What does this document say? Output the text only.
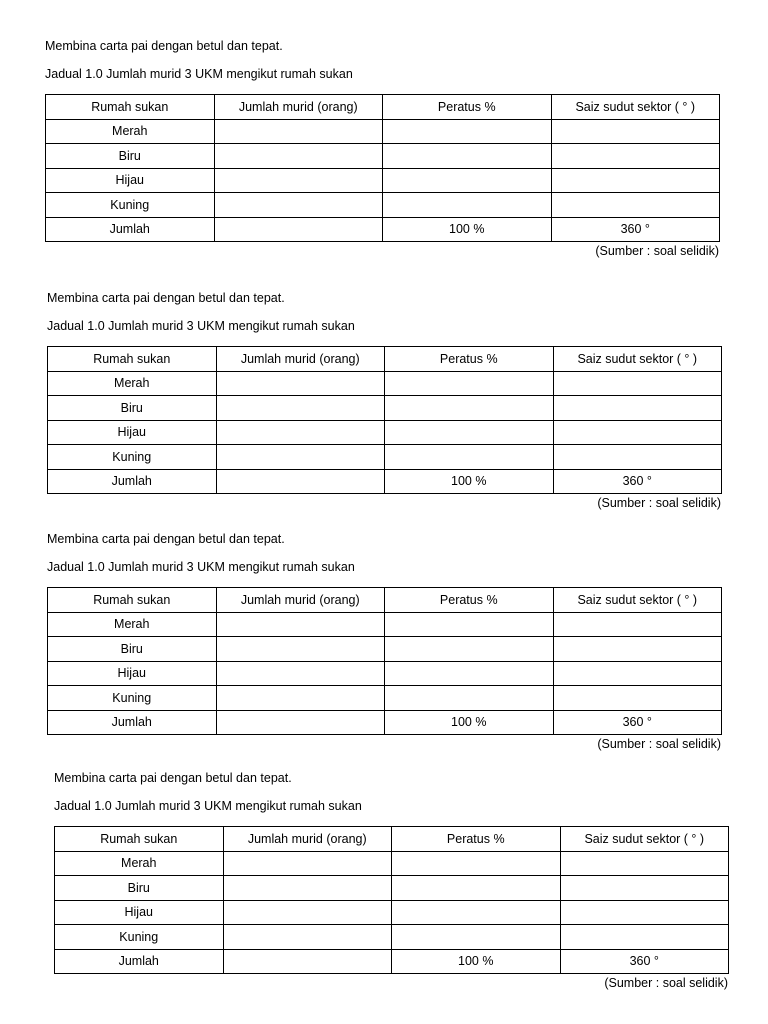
Membina carta pai dengan betul dan tepat.
Jadual 1.0 Jumlah murid 3 UKM mengikut rumah sukan
Rumah sukan	Jumlah murid (orang)	Peratus %	Saiz sudut sektor ( ° )
Merah			
Biru			
Hijau			
Kuning			
Jumlah		100 %	360 °
(Sumber : soal selidik)
Membina carta pai dengan betul dan tepat.
Jadual 1.0 Jumlah murid 3 UKM mengikut rumah sukan
Rumah sukan	Jumlah murid (orang)	Peratus %	Saiz sudut sektor ( ° )
Merah			
Biru			
Hijau			
Kuning			
Jumlah		100 %	360 °
(Sumber : soal selidik)
Membina carta pai dengan betul dan tepat.
Jadual 1.0 Jumlah murid 3 UKM mengikut rumah sukan
Rumah sukan	Jumlah murid (orang)	Peratus %	Saiz sudut sektor ( ° )
Merah			
Biru			
Hijau			
Kuning			
Jumlah		100 %	360 °
(Sumber : soal selidik)
Membina carta pai dengan betul dan tepat.
Jadual 1.0 Jumlah murid 3 UKM mengikut rumah sukan
Rumah sukan	Jumlah murid (orang)	Peratus %	Saiz sudut sektor ( ° )
Merah			
Biru			
Hijau			
Kuning			
Jumlah		100 %	360 °
(Sumber : soal selidik)
